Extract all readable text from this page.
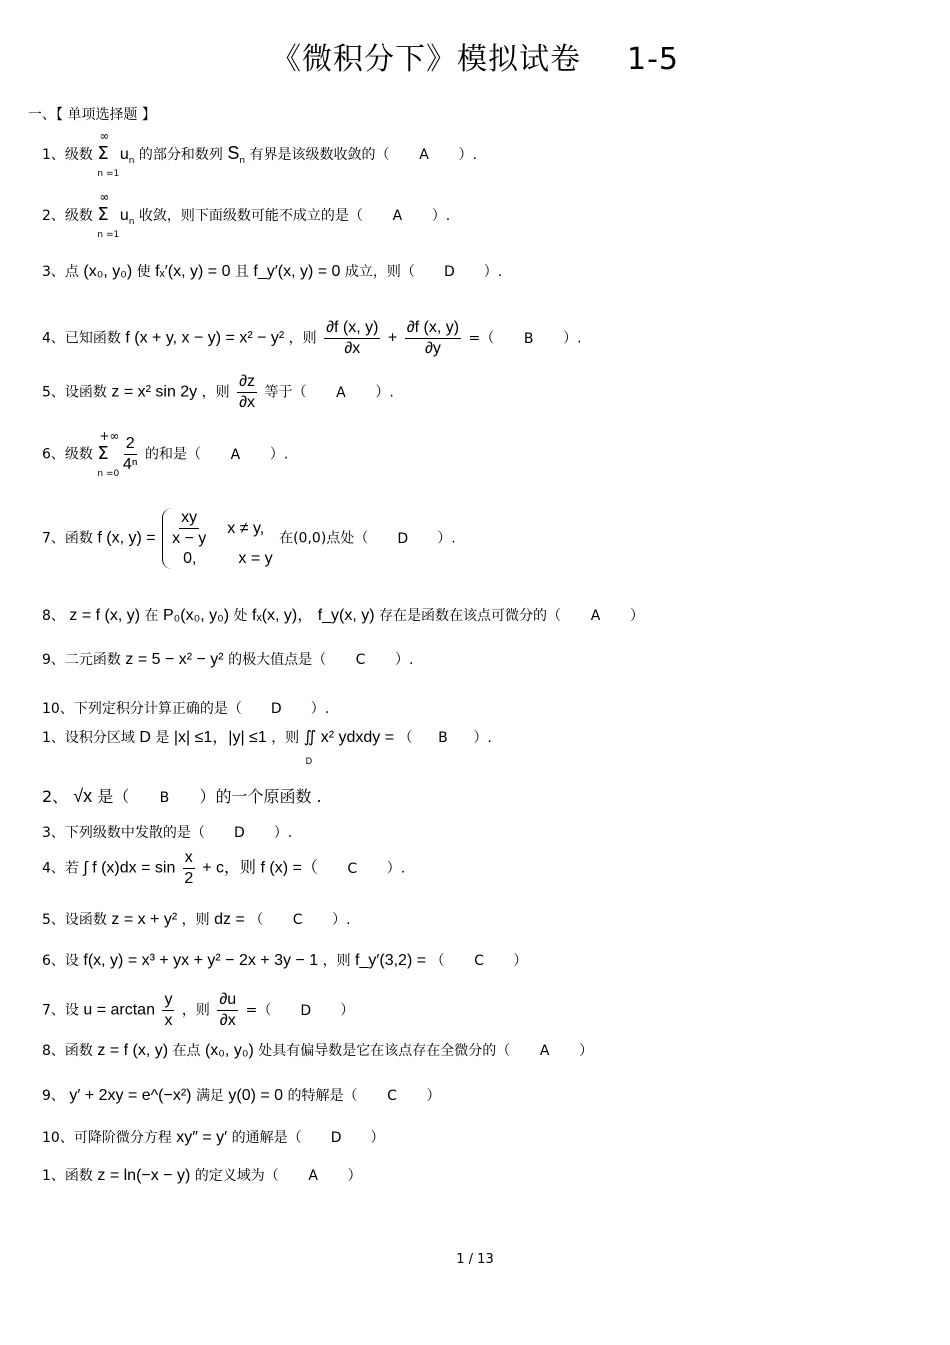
《微积分下》模拟试卷 1-5
一、【 单项选择题 】
1、级数
∞
Σ
n =1
$u_n$ 的部分和数列 $S_n$ 有界是该级数收敛的（ A ）.
2、级数
∞
Σ
n =1
$u_n$ 收敛，则下面级数可能不成立的是（ A ）.
3、点 (x₀, y₀) 使 fₓ′(x, y) = 0 且 f_y′(x, y) = 0 成立，则（ D ）.
4、已知函数 f (x + y, x − y) = x² − y² ，则 $\frac{\partial f (x, y)}{\partial x} + \frac{\partial f (x, y)}{\partial y}$ =（ B ）.
5、设函数 z = x² sin 2y ，则 $\frac{\partial z}{\partial x}$ 等于（ A ）.
6、级数
+∞
Σ
n =0
$\frac{2}{\text{4ⁿ}}$ 的和是（ A ）.
7、函数 f (x, $y) = \frac{xy}{x - y}$ x ≠ y,
0,	x = y
在(0,0)点处（ D ）.
8、 z = f (x, y) 在 P₀(x₀, y₀) 处 fₓ(x, y)， f_y(x, y) 存在是函数在该点可微分的（ A ）
9、二元函数 z = 5 − x² − y² 的极大值点是（ C ）.
10、下列定积分计算正确的是（ D ）.
1、设积分区域 D 是 |x| ≤1，|y| ≤1 ，则 ∬
D
x² ydxdy = （ B ）.
2、 √x 是（ B ）的一个原函数 .
3、下列级数中发散的是（ D ）.
4、若 ∫ f $(x)dx = \sin \frac{x}{2} + c$，则 f (x) =（ C ）.
5、设函数 z = x + y² ，则 dz = （ C ）.
6、设 f(x, y) = x³ + yx + y² − 2x + 3y − 1 ，则 f_y′(3,2) = （ C ）
7、设 $u = \arctan \frac{y}{x}$ ，则 $\frac{\partial u}{\partial x}$ =（ D ）
8、函数 z = f (x, y) 在点 (x₀, y₀) 处具有偏导数是它在该点存在全微分的（ A ）
9、 y′ + 2xy = e^(−x²) 满足 y(0) = 0 的特解是（ C ）
10、可降阶微分方程 xy″ = y′ 的通解是（ D ）
1、函数 z = ln(−x − y) 的定义域为（ A ）
1 / 13
